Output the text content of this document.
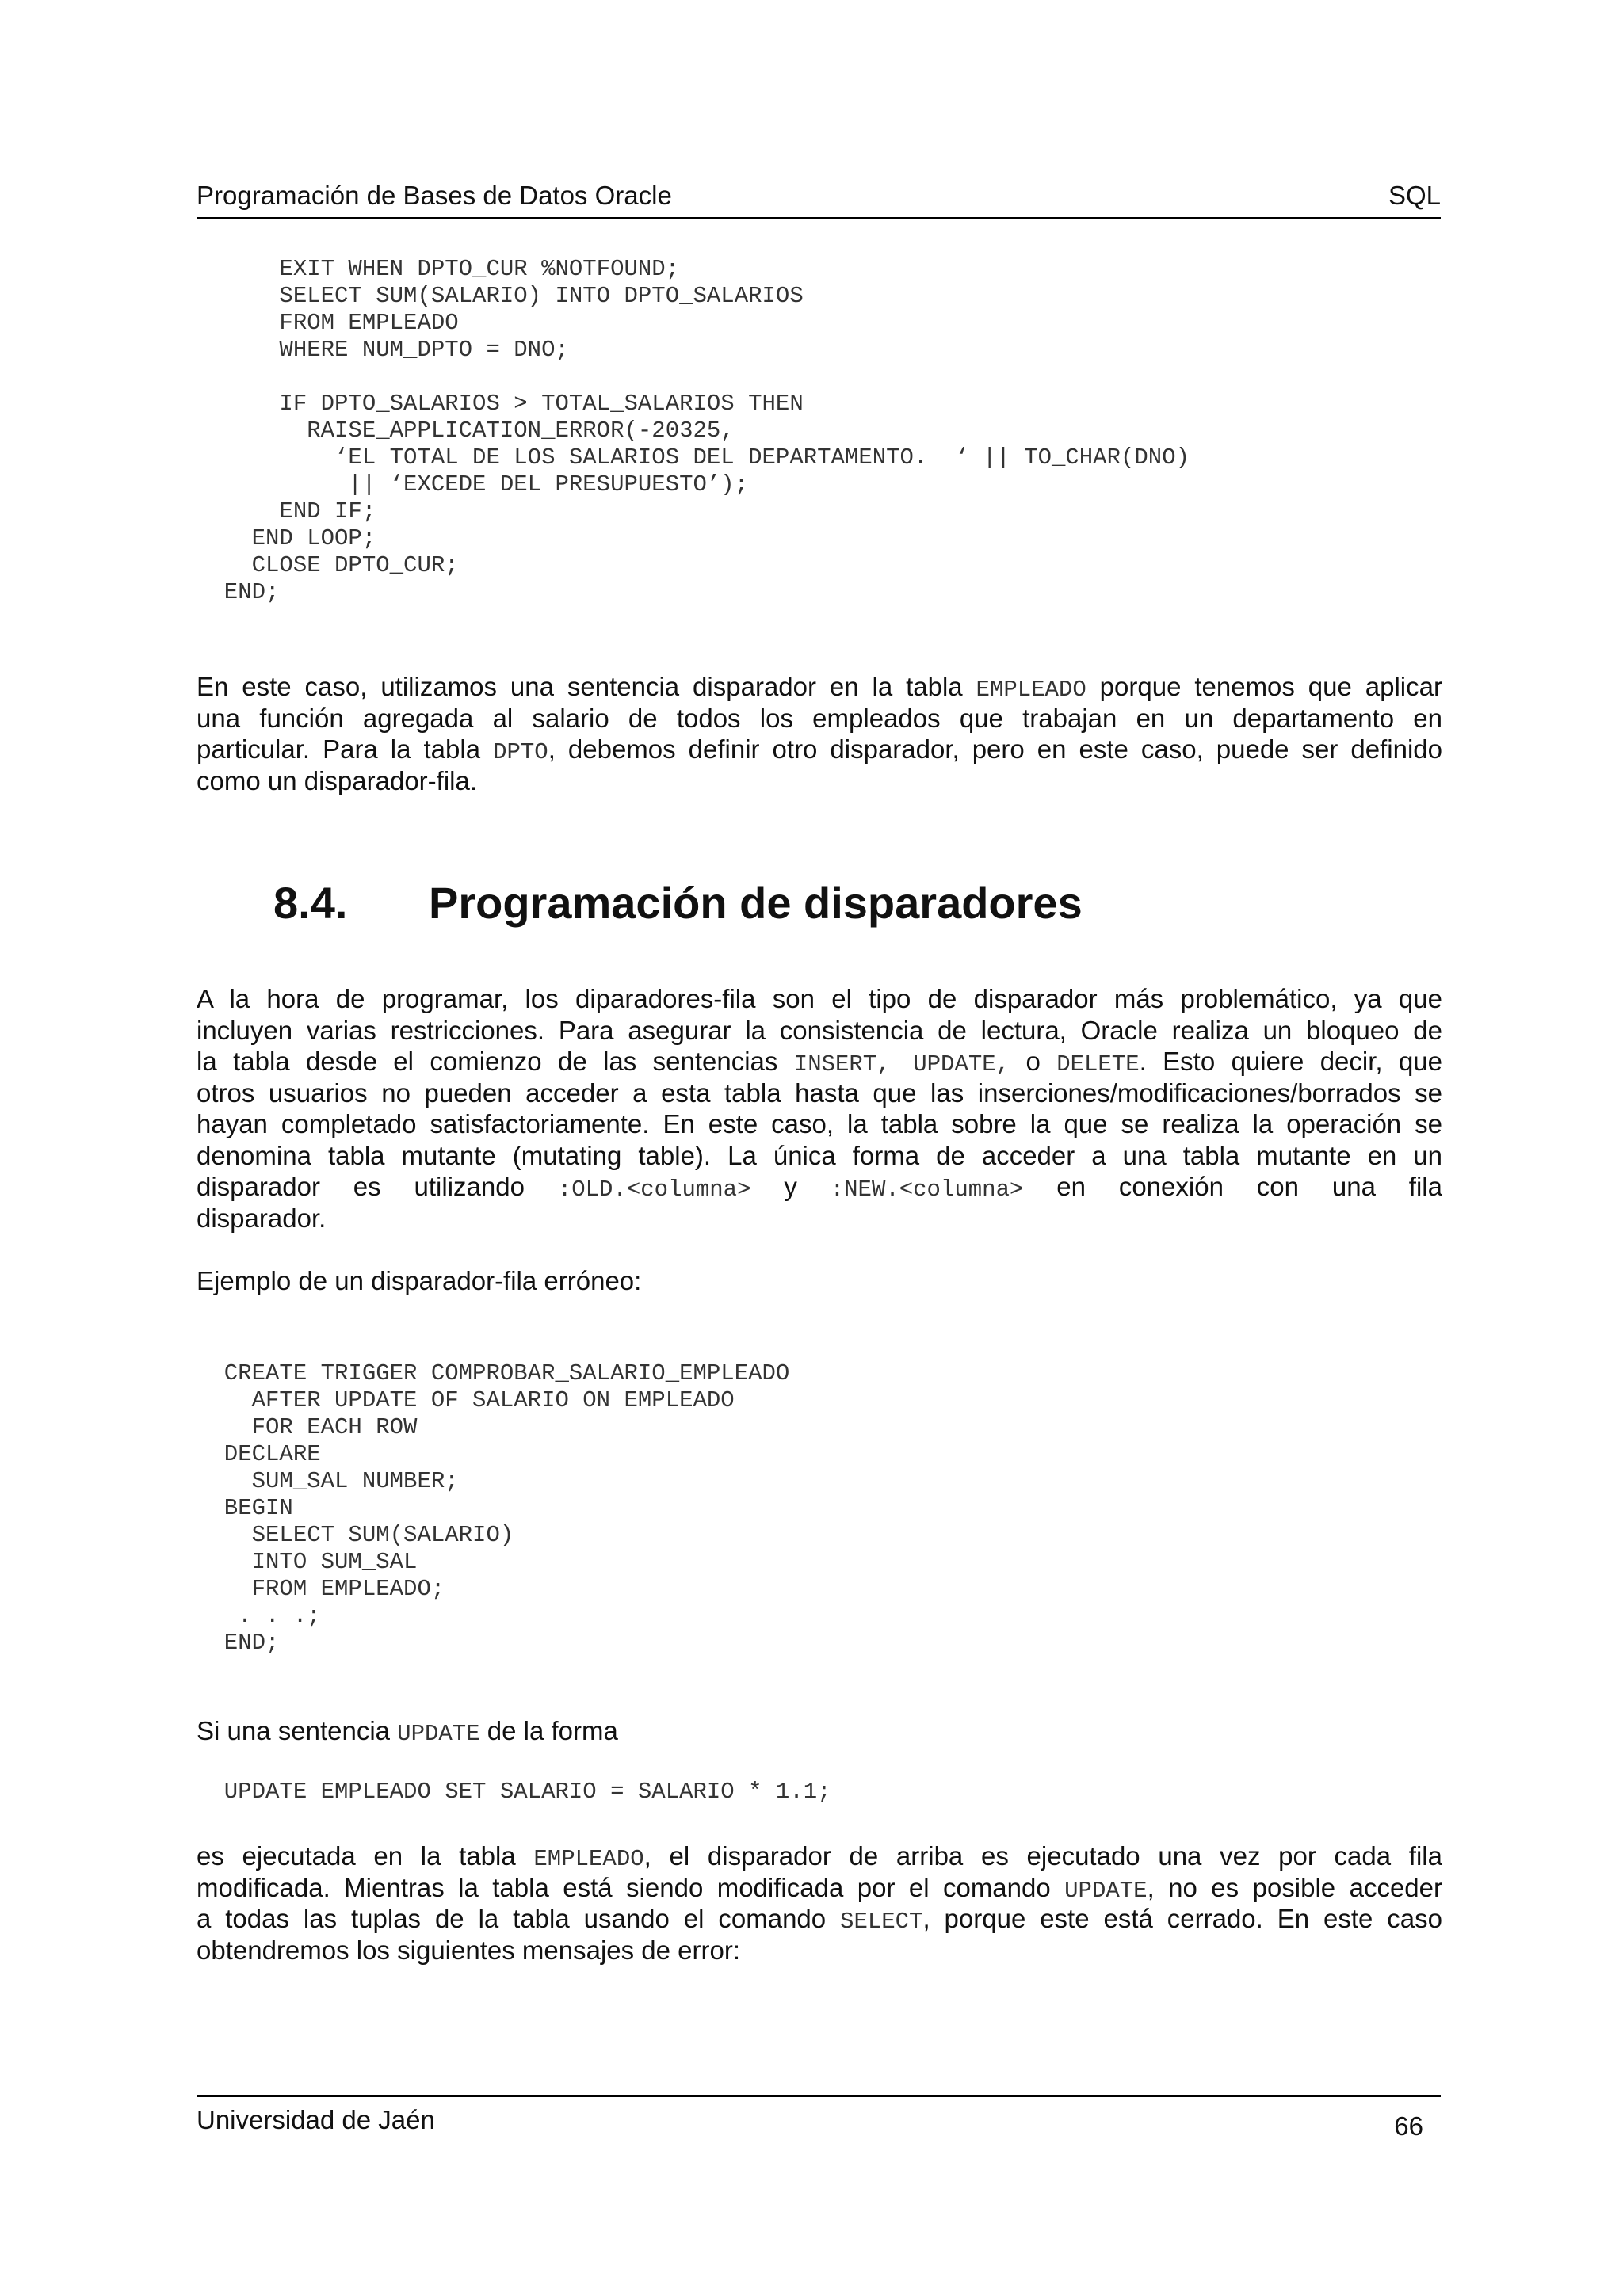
Programación de Bases de Datos Oracle	SQL
EXIT WHEN DPTO_CUR %NOTFOUND;
SELECT SUM(SALARIO) INTO DPTO_SALARIOS
FROM EMPLEADO
WHERE NUM_DPTO = DNO;
IF DPTO_SALARIOS > TOTAL_SALARIOS THEN
RAISE_APPLICATION_ERROR(-20325,
‘EL TOTAL DE LOS SALARIOS DEL DEPARTAMENTO.  ‘ || TO_CHAR(DNO)
|| ‘EXCEDE DEL PRESUPUESTO’);
END IF;
END LOOP;
CLOSE DPTO_CUR;
END;
En este caso, utilizamos una sentencia disparador en la tabla EMPLEADO porque tenemos que aplicar
una función agregada al salario de todos los empleados que trabajan en un departamento en
particular. Para la tabla DPTO, debemos definir otro disparador, pero en este caso, puede ser definido
como un disparador-fila.
8.4. Programación de disparadores
A la hora de programar, los diparadores-fila son el tipo de disparador más problemático, ya que
incluyen varias restricciones. Para asegurar la consistencia de lectura, Oracle realiza un bloqueo de
la tabla desde el comienzo de las sentencias INSERT, UPDATE, o DELETE. Esto quiere decir, que
otros usuarios no pueden acceder a esta tabla hasta que las inserciones/modificaciones/borrados se
hayan completado satisfactoriamente. En este caso, la tabla sobre la que se realiza la operación se
denomina tabla mutante (mutating table). La única forma de acceder a una tabla mutante en un
disparador es utilizando :OLD.<columna> y :NEW.<columna> en conexión con una fila
disparador.
Ejemplo de un disparador-fila erróneo:
CREATE TRIGGER COMPROBAR_SALARIO_EMPLEADO
AFTER UPDATE OF SALARIO ON EMPLEADO
FOR EACH ROW
DECLARE
SUM_SAL NUMBER;
BEGIN
SELECT SUM(SALARIO)
INTO SUM_SAL
FROM EMPLEADO;
. . .;
END;
Si una sentencia UPDATE de la forma
UPDATE EMPLEADO SET SALARIO = SALARIO * 1.1;
es ejecutada en la tabla EMPLEADO, el disparador de arriba es ejecutado una vez por cada fila
modificada. Mientras la tabla está siendo modificada por el comando UPDATE, no es posible acceder
a todas las tuplas de la tabla usando el comando SELECT, porque este está cerrado. En este caso
obtendremos los siguientes mensajes de error:
Universidad de Jaén	66
